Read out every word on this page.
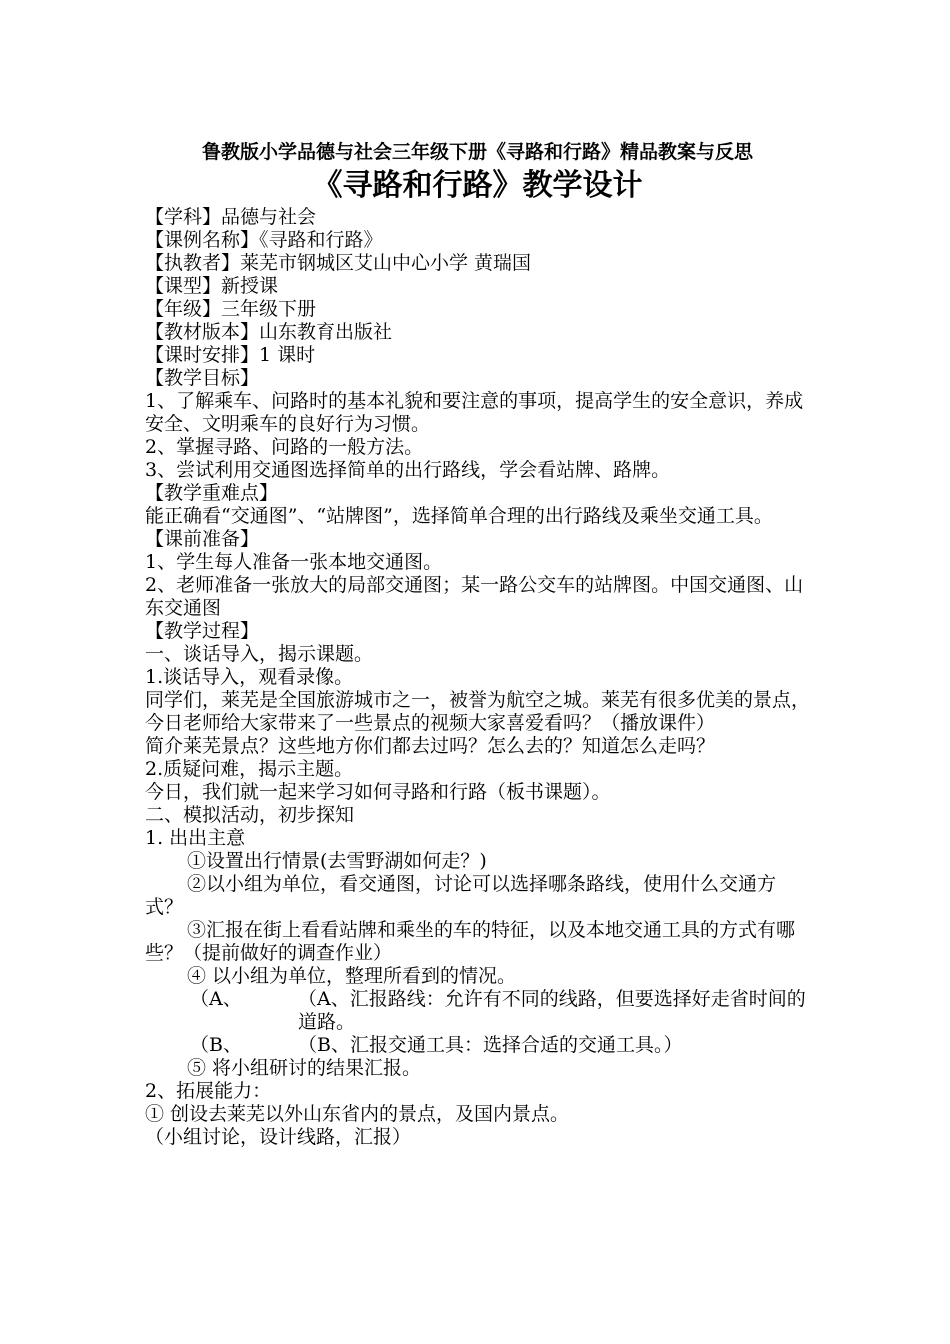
鲁教版小学品德与社会三年级下册《寻路和行路》精品教案与反思
《寻路和行路》教学设计
【学科】品德与社会
【课例名称】《寻路和行路》
【执教者】莱芜市钢城区艾山中心小学 黄瑞国
【课型】新授课
【年级】三年级下册
【教材版本】山东教育出版社
【课时安排】1 课时
【教学目标】
1、了解乘车、问路时的基本礼貌和要注意的事项，提高学生的安全意识，养成安全、文明乘车的良好行为习惯。
2、掌握寻路、问路的一般方法。
3、尝试利用交通图选择简单的出行路线，学会看站牌、路牌。
【教学重难点】
能正确看“交通图”、“站牌图”，选择简单合理的出行路线及乘坐交通工具。
【课前准备】
1、学生每人准备一张本地交通图。
2、老师准备一张放大的局部交通图；某一路公交车的站牌图。中国交通图、山东交通图
【教学过程】
一、谈话导入，揭示课题。
1.谈话导入，观看录像。
同学们，莱芜是全国旅游城市之一，被誉为航空之城。莱芜有很多优美的景点，今日老师给大家带来了一些景点的视频大家喜爱看吗？（播放课件）
简介莱芜景点？这些地方你们都去过吗？怎么去的？知道怎么走吗？
2.质疑问难，揭示主题。
今日，我们就一起来学习如何寻路和行路（板书课题）。
二、模拟活动，初步探知
1. 出出主意
①设置出行情景(去雪野湖如何走？)
②以小组为单位，看交通图，讨论可以选择哪条路线，使用什么交通方式？
③汇报在街上看看站牌和乘坐的车的特征，以及本地交通工具的方式有哪些？（提前做好的调查作业）
④ 以小组为单位，整理所看到的情况。
（A、	（A、汇报路线：允许有不同的线路，但要选择好走省时间的道路。
（B、	（B、汇报交通工具：选择合适的交通工具。）
⑤ 将小组研讨的结果汇报。
2、拓展能力：
① 创设去莱芜以外山东省内的景点，及国内景点。
（小组讨论，设计线路，汇报）
